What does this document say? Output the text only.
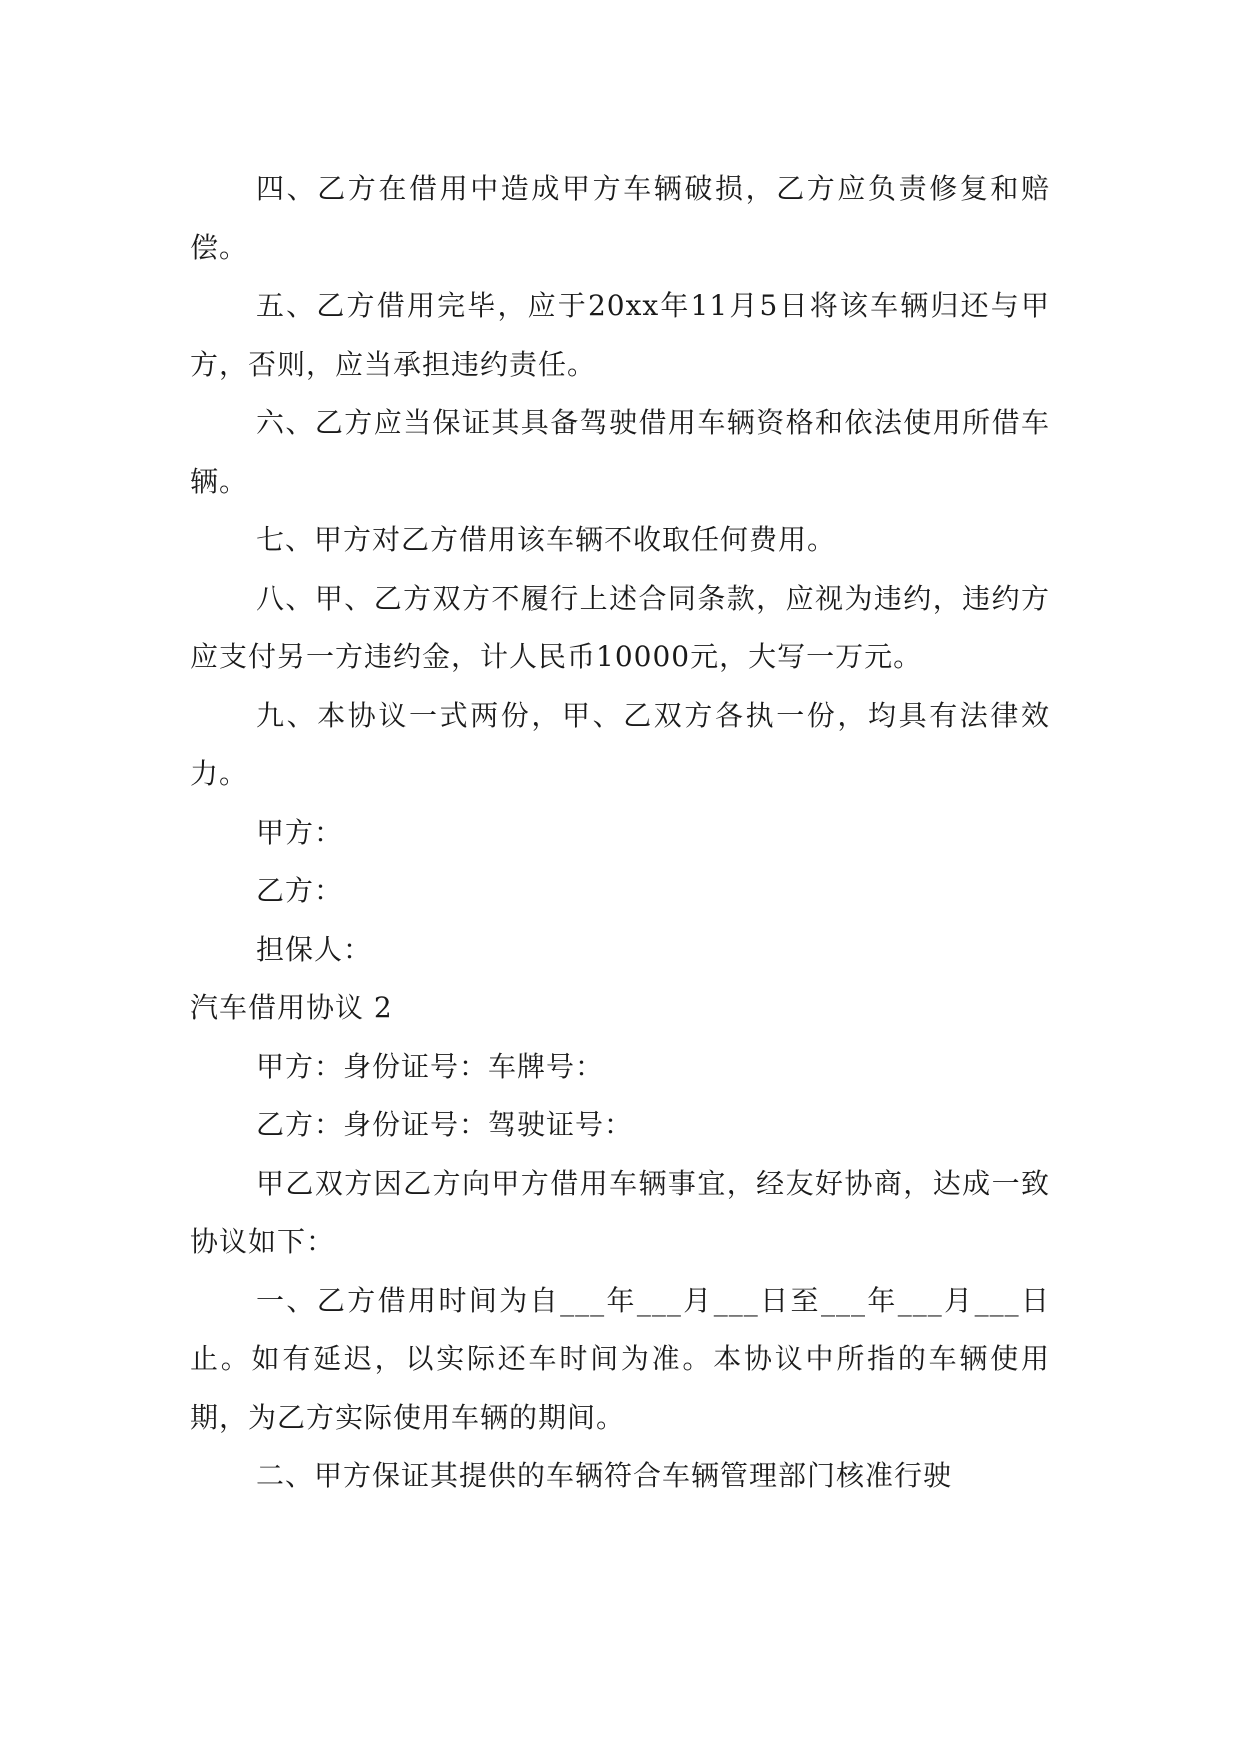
四、乙方在借用中造成甲方车辆破损，乙方应负责修复和赔偿。

五、乙方借用完毕，应于20xx年11月5日将该车辆归还与甲方，否则，应当承担违约责任。

六、乙方应当保证其具备驾驶借用车辆资格和依法使用所借车辆。

七、甲方对乙方借用该车辆不收取任何费用。

八、甲、乙方双方不履行上述合同条款，应视为违约，违约方应支付另一方违约金，计人民币10000元，大写一万元。

九、本协议一式两份，甲、乙双方各执一份，均具有法律效力。

甲方：

乙方：

担保人：

汽车借用协议 2

甲方：身份证号：车牌号：

乙方：身份证号：驾驶证号：

甲乙双方因乙方向甲方借用车辆事宜，经友好协商，达成一致协议如下：

一、乙方借用时间为自___年___月___日至___年___月___日止。如有延迟，以实际还车时间为准。本协议中所指的车辆使用期，为乙方实际使用车辆的期间。

二、甲方保证其提供的车辆符合车辆管理部门核准行驶
